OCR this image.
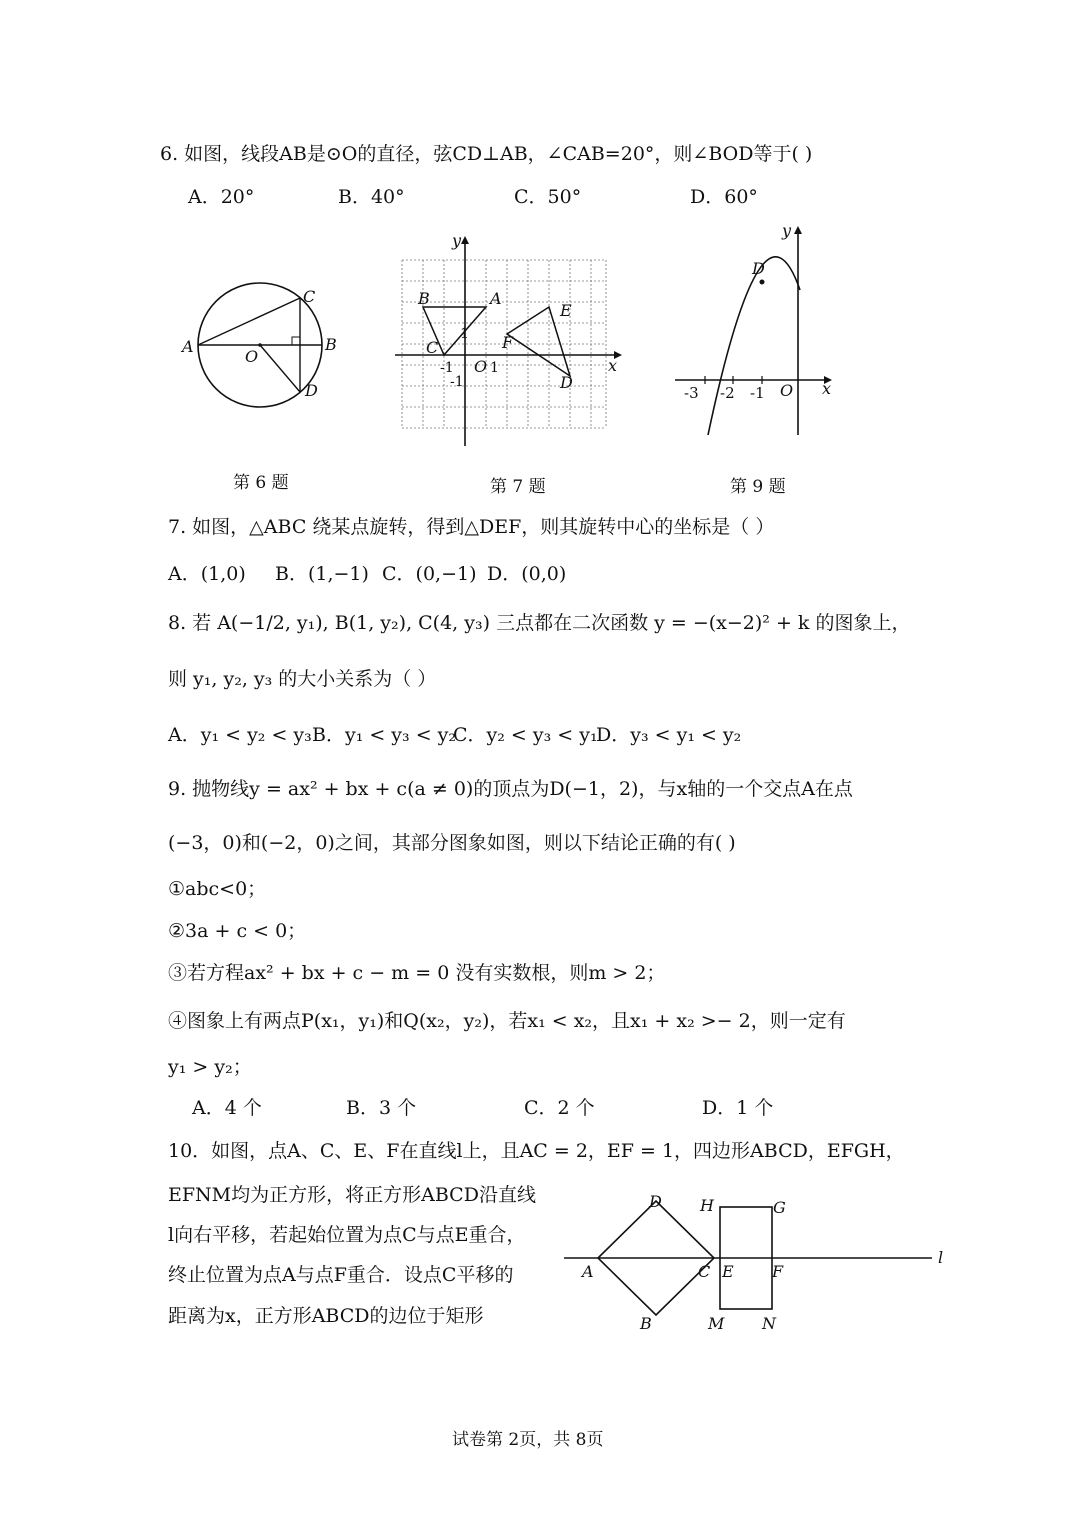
6. 如图，线段AB是⊙O的直径，弦CD⊥AB，∠CAB=20°，则∠BOD等于( )
A．20°	B．40°	C．50°	D．60°
A	B
C
D
O
第 6 题
B	A
C	F
E
D
O	x
y
1
-1	1
-1
第 7 题
D
O x
y
-3 -2 -1
第 9 题
7. 如图，△ABC 绕某点旋转，得到△DEF，则其旋转中心的坐标是（ ）
A．(1,0) B．(1,−1) C．(0,−1) D．(0,0)
8. 若 A(−1/2, y₁), B(1, y₂), C(4, y₃) 三点都在二次函数 y = −(x−2)² + k 的图象上，
则 y₁, y₂, y₃ 的大小关系为（ ）
A．y₁ < y₂ < y₃ B．y₁ < y₃ < y₂
C．y₂ < y₃ < y₁
D．y₃ < y₁ < y₂
9. 抛物线y = ax² + bx + c(a ≠ 0)的顶点为D(−1，2)，与x轴的一个交点A在点
(−3，0)和(−2，0)之间，其部分图象如图，则以下结论正确的有( )
①abc<0；
②3a + c < 0；
③若方程ax² + bx + c − m = 0 没有实数根，则m > 2；
④图象上有两点P(x₁，y₁)和Q(x₂，y₂)，若x₁ < x₂，且x₁ + x₂ >− 2，则一定有
y₁ > y₂；
A．4 个	B．3 个	C．2 个	D．1 个
10．如图，点A、C、E、F在直线l上，且AC = 2，EF = 1，四边形ABCD，EFGH，
EFNM均为正方形，将正方形ABCD沿直线
l向右平移，若起始位置为点C与点E重合，
终止位置为点A与点F重合．设点C平移的
距离为x，正方形ABCD的边位于矩形
A	C
D
B
E F
H	G
M N
l
试卷第 2页，共 8页
